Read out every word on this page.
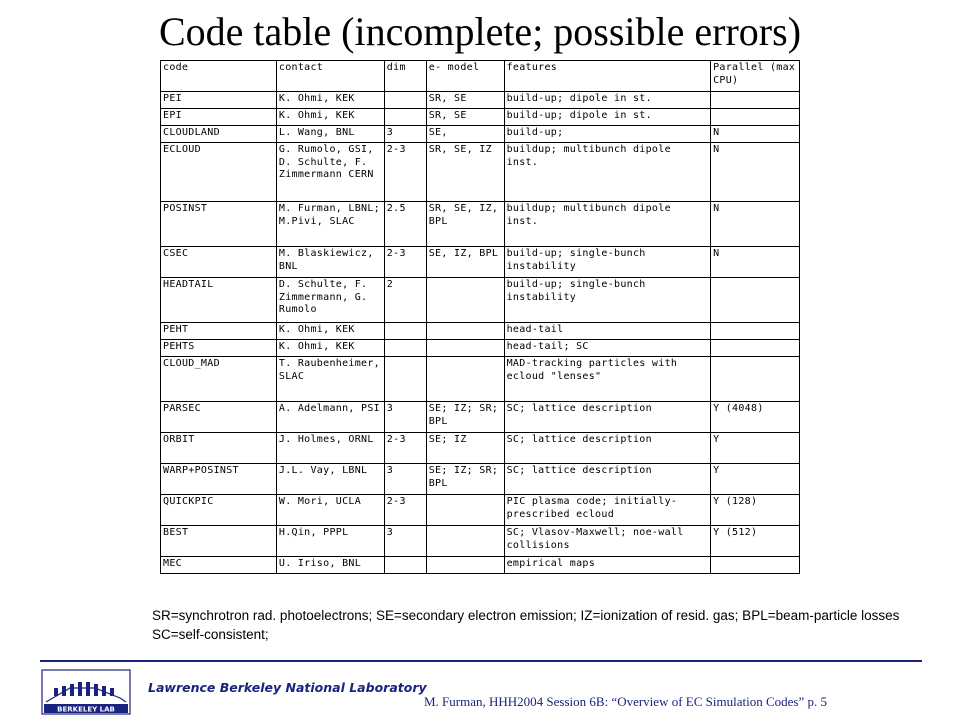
Code table (incomplete; possible errors)
code	contact	dim	e- model	features	Parallel (max CPU)
PEI	K. Ohmi, KEK		SR, SE	build-up; dipole in st.	
EPI	K. Ohmi, KEK		SR, SE	build-up; dipole in st.	
CLOUDLAND	L. Wang, BNL	3	SE,	build-up;	N
ECLOUD	G. Rumolo, GSI, D. Schulte, F. Zimmermann CERN	2-3	SR, SE, IZ	buildup; multibunch dipole inst.	N
POSINST	M. Furman, LBNL; M.Pivi, SLAC	2.5	SR, SE, IZ, BPL	buildup; multibunch dipole inst.	N
CSEC	M. Blaskiewicz, BNL	2-3	SE, IZ, BPL	build-up; single-bunch instability	N
HEADTAIL	D. Schulte, F. Zimmermann, G. Rumolo	2		build-up; single-bunch instability	
PEHT	K. Ohmi, KEK			head-tail	
PEHTS	K. Ohmi, KEK			head-tail; SC	
CLOUD_MAD	T. Raubenheimer, SLAC			MAD-tracking particles with ecloud "lenses"	
PARSEC	A. Adelmann, PSI	3	SE; IZ; SR; BPL	SC; lattice description	Y (4048)
ORBIT	J. Holmes, ORNL	2-3	SE; IZ	SC; lattice description	Y
WARP+POSINST	J.L. Vay, LBNL	3	SE; IZ; SR; BPL	SC; lattice description	Y
QUICKPIC	W. Mori, UCLA	2-3		PIC plasma code; initially-prescribed ecloud	Y (128)
BEST	H.Qin, PPPL	3		SC; Vlasov-Maxwell; noe-wall collisions	Y (512)
MEC	U. Iriso, BNL			empirical maps	
SR=synchrotron rad. photoelectrons; SE=secondary electron emission; IZ=ionization of resid. gas; BPL=beam-particle losses
SC=self-consistent;
BERKELEY LAB
Lawrence Berkeley National Laboratory
M. Furman, HHH2004 Session 6B: “Overview of EC Simulation Codes” p. 5
